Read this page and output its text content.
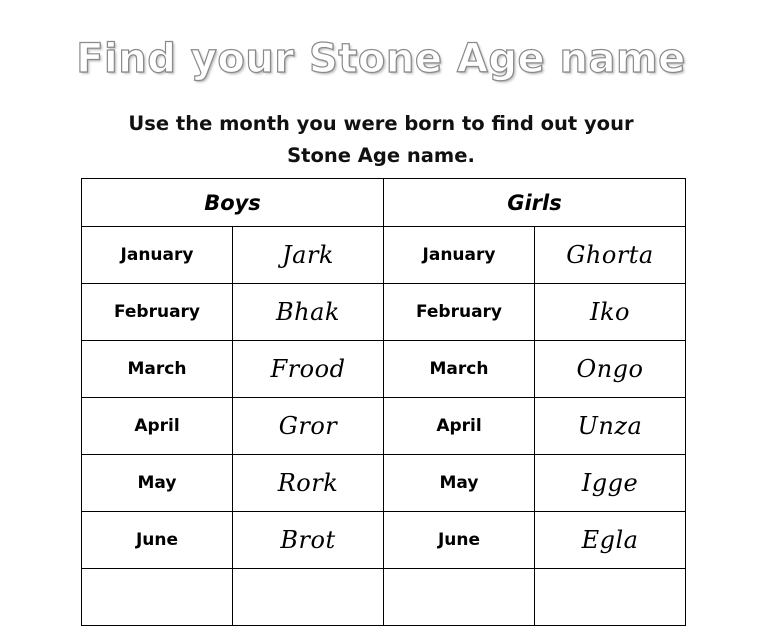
Find your Stone Age name
Use the month you were born to find out your Stone Age name.
Boys		Girls	
January	Jark	January	Ghorta
February	Bhak	February	Iko
March	Frood	March	Ongo
April	Gror	April	Unza
May	Rork	May	Igge
June	Brot	June	Egla
